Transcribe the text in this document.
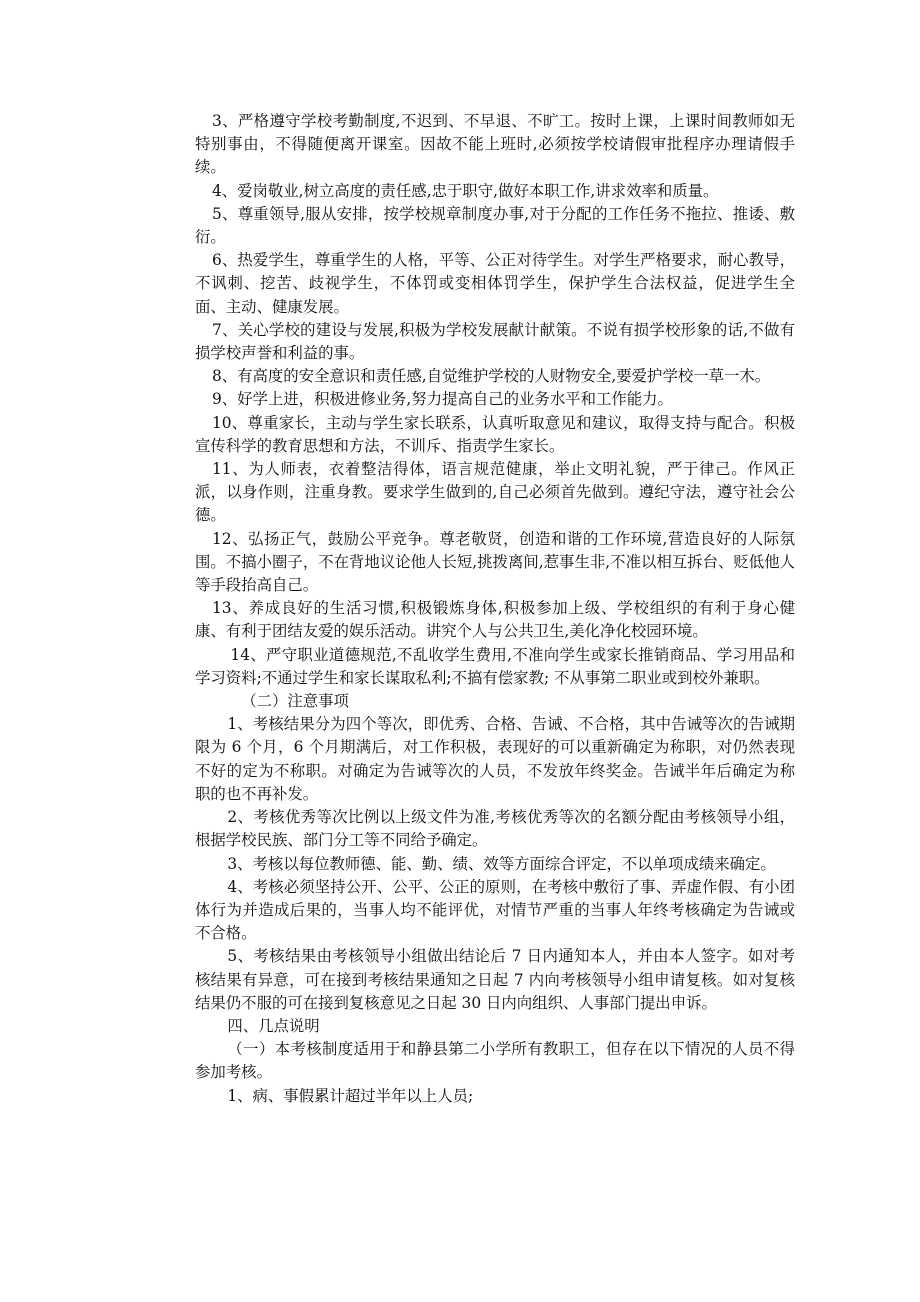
3、严格遵守学校考勤制度,不迟到、不早退、不旷工。按时上课，上课时间教师如无特别事由，不得随便离开课室。因故不能上班时,必须按学校请假审批程序办理请假手续。

4、爱岗敬业,树立高度的责任感,忠于职守,做好本职工作,讲求效率和质量。

5、尊重领导,服从安排，按学校规章制度办事,对于分配的工作任务不拖拉、推诿、敷衍。

6、热爱学生，尊重学生的人格，平等、公正对待学生。对学生严格要求，耐心教导，不讽刺、挖苦、歧视学生，不体罚或变相体罚学生，保护学生合法权益，促进学生全面、主动、健康发展。

7、关心学校的建设与发展,积极为学校发展献计献策。不说有损学校形象的话,不做有损学校声誉和利益的事。

8、有高度的安全意识和责任感,自觉维护学校的人财物安全,要爱护学校一草一木。

9、好学上进，积极进修业务,努力提高自己的业务水平和工作能力。

10、尊重家长，主动与学生家长联系，认真听取意见和建议，取得支持与配合。积极宣传科学的教育思想和方法，不训斥、指责学生家长。

11、为人师表，衣着整洁得体，语言规范健康，举止文明礼貌，严于律己。作风正派，以身作则，注重身教。要求学生做到的,自己必须首先做到。遵纪守法，遵守社会公德。

12、弘扬正气，鼓励公平竞争。尊老敬贤，创造和谐的工作环境,营造良好的人际氛围。不搞小圈子，不在背地议论他人长短,挑拨离间,惹事生非,不准以相互拆台、贬低他人等手段抬高自己。

13、养成良好的生活习惯,积极锻炼身体,积极参加上级、学校组织的有利于身心健康、有利于团结友爱的娱乐活动。讲究个人与公共卫生,美化净化校园环境。

14、严守职业道德规范,不乱收学生费用,不准向学生或家长推销商品、学习用品和学习资料;不通过学生和家长谋取私利;不搞有偿家教; 不从事第二职业或到校外兼职。

（二）注意事项

1、考核结果分为四个等次，即优秀、合格、告诫、不合格，其中告诫等次的告诫期限为 6 个月，6 个月期满后，对工作积极，表现好的可以重新确定为称职，对仍然表现不好的定为不称职。对确定为告诫等次的人员，不发放年终奖金。告诫半年后确定为称职的也不再补发。

2、考核优秀等次比例以上级文件为准,考核优秀等次的名额分配由考核领导小组，根据学校民族、部门分工等不同给予确定。

3、考核以每位教师德、能、勤、绩、效等方面综合评定，不以单项成绩来确定。

4、考核必须坚持公开、公平、公正的原则，在考核中敷衍了事、弄虚作假、有小团体行为并造成后果的，当事人均不能评优，对情节严重的当事人年终考核确定为告诫或不合格。

5、考核结果由考核领导小组做出结论后 7 日内通知本人，并由本人签字。如对考核结果有异意，可在接到考核结果通知之日起 7 内向考核领导小组申请复核。如对复核结果仍不服的可在接到复核意见之日起 30 日内向组织、人事部门提出申诉。

四、几点说明

（一）本考核制度适用于和静县第二小学所有教职工，但存在以下情况的人员不得参加考核。

1、病、事假累计超过半年以上人员;
